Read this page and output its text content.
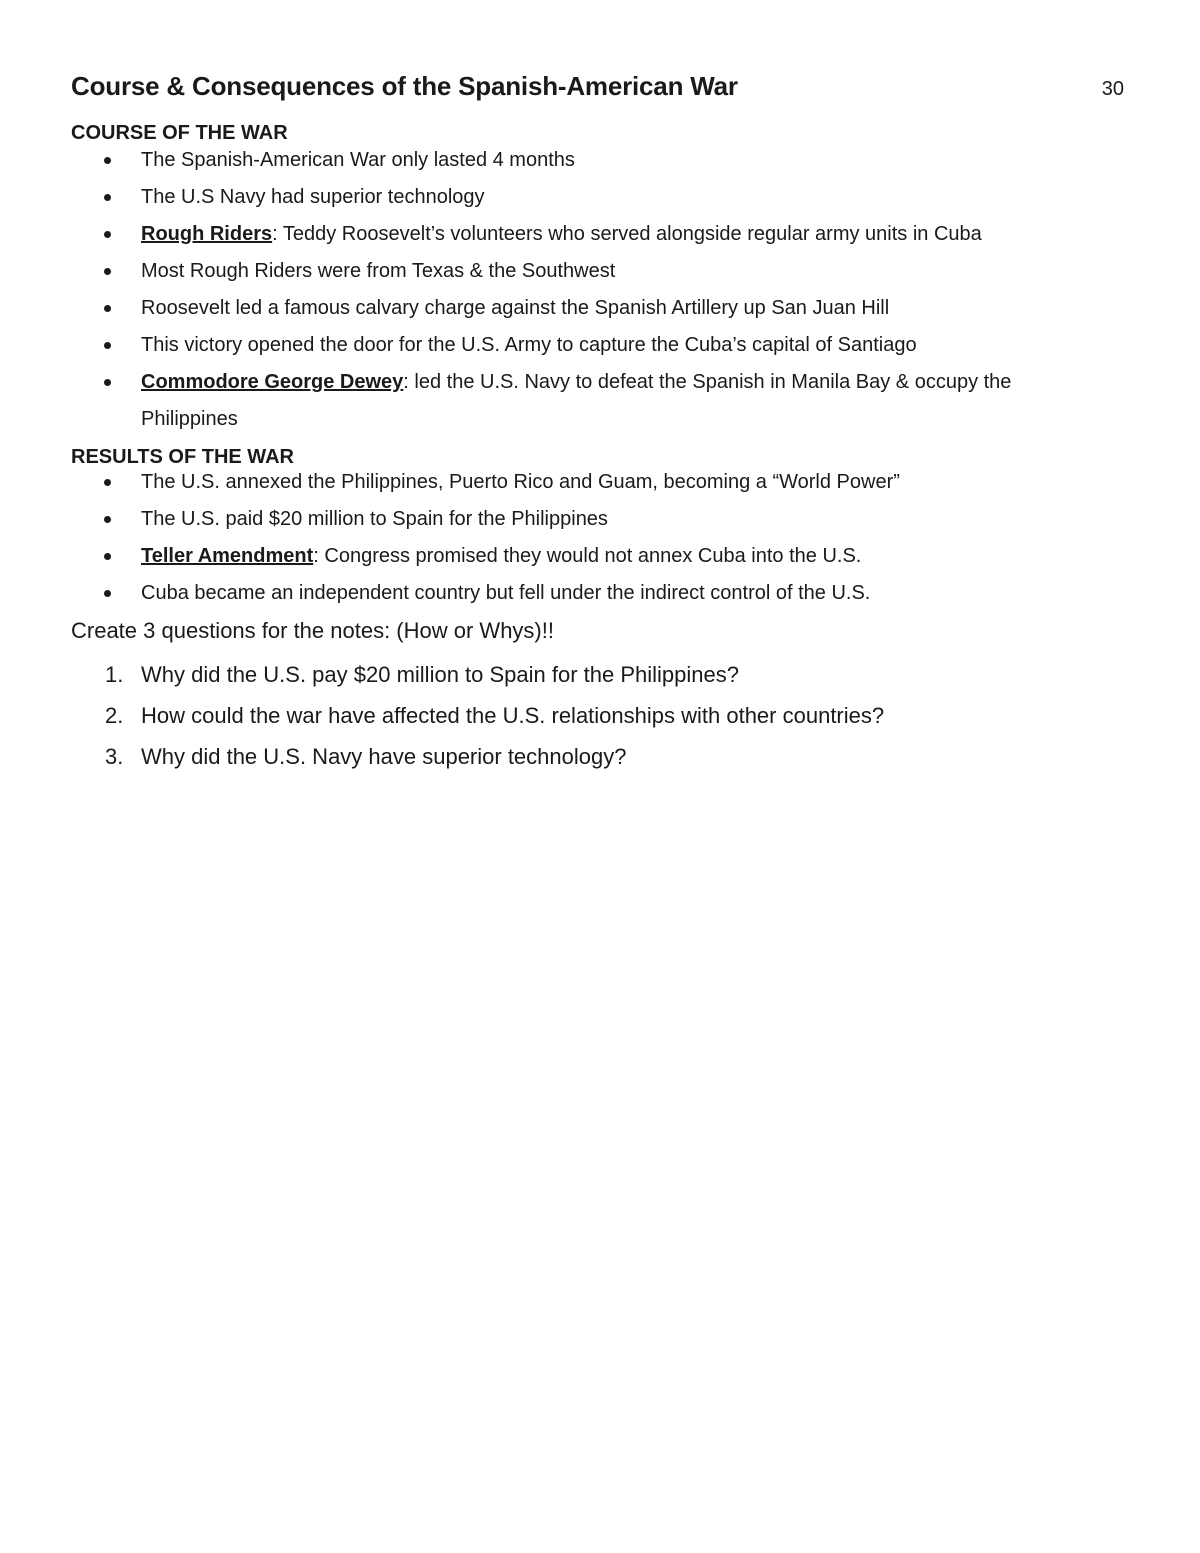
Course & Consequences of the Spanish-American War	30
COURSE OF THE WAR
The Spanish-American War only lasted 4 months
The U.S Navy had superior technology
Rough Riders: Teddy Roosevelt’s volunteers who served alongside regular army units in Cuba
Most Rough Riders were from Texas & the Southwest
Roosevelt led a famous calvary charge against the Spanish Artillery up San Juan Hill
This victory opened the door for the U.S. Army to capture the Cuba’s capital of Santiago
Commodore George Dewey: led the U.S. Navy to defeat the Spanish in Manila Bay & occupy the Philippines
RESULTS OF THE WAR
The U.S. annexed the Philippines, Puerto Rico and Guam, becoming a “World Power”
The U.S. paid $20 million to Spain for the Philippines
Teller Amendment: Congress promised they would not annex Cuba into the U.S.
Cuba became an independent country but fell under the indirect control of the U.S.

Create 3 questions for the notes: (How or Whys)!!

1. Why did the U.S. pay $20 million to Spain for the Philippines?
2. How could the war have affected the U.S. relationships with other countries?
3. Why did the U.S. Navy have superior technology?
